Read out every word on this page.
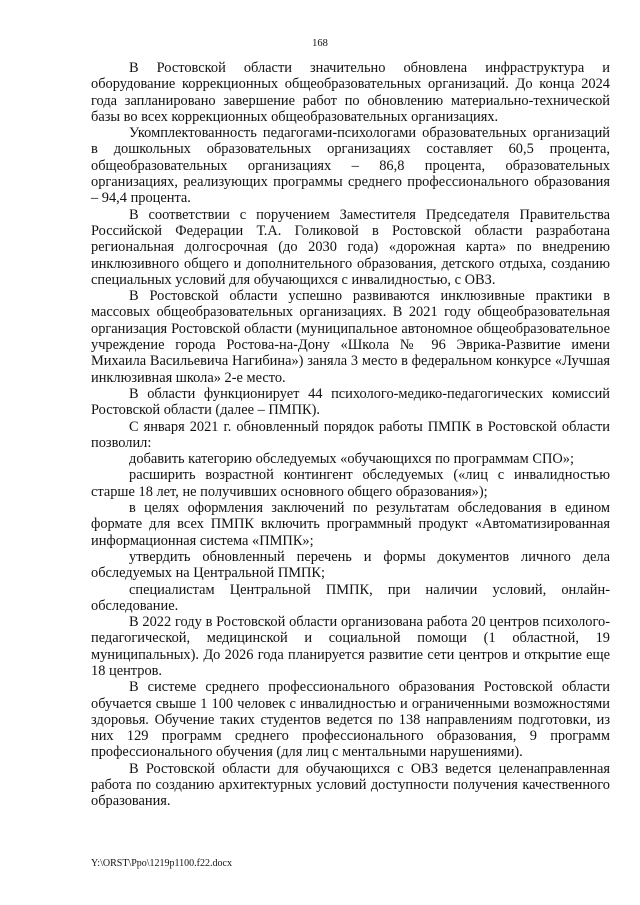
168

В Ростовской области значительно обновлена инфраструктура и оборудование коррекционных общеобразовательных организаций. До конца 2024 года запланировано завершение работ по обновлению материально-технической базы во всех коррекционных общеобразовательных организациях.

Укомплектованность педагогами-психологами образовательных организаций в дошкольных образовательных организациях составляет 60,5 процента, общеобразовательных организациях – 86,8 процента, образовательных организациях, реализующих программы среднего профессионального образования – 94,4 процента.

В соответствии с поручением Заместителя Председателя Правительства Российской Федерации Т.А. Голиковой в Ростовской области разработана региональная долгосрочная (до 2030 года) «дорожная карта» по внедрению инклюзивного общего и дополнительного образования, детского отдыха, созданию специальных условий для обучающихся с инвалидностью, с ОВЗ.

В Ростовской области успешно развиваются инклюзивные практики в массовых общеобразовательных организациях. В 2021 году общеобразовательная организация Ростовской области (муниципальное автономное общеобразовательное учреждение города Ростова-на-Дону «Школа № 96 Эврика-Развитие имени Михаила Васильевича Нагибина») заняла 3 место в федеральном конкурсе «Лучшая инклюзивная школа» 2-е место.

В области функционирует 44 психолого-медико-педагогических комиссий Ростовской области (далее – ПМПК).

С января 2021 г. обновленный порядок работы ПМПК в Ростовской области позволил:

добавить категорию обследуемых «обучающихся по программам СПО»;

расширить возрастной контингент обследуемых («лиц с инвалидностью старше 18 лет, не получивших основного общего образования»);

в целях оформления заключений по результатам обследования в едином формате для всех ПМПК включить программный продукт «Автоматизированная информационная система «ПМПК»;

утвердить обновленный перечень и формы документов личного дела обследуемых на Центральной ПМПК;

специалистам Центральной ПМПК, при наличии условий, онлайн-обследование.

В 2022 году в Ростовской области организована работа 20 центров психолого-педагогической, медицинской и социальной помощи (1 областной, 19 муниципальных). До 2026 года планируется развитие сети центров и открытие еще 18 центров.

В системе среднего профессионального образования Ростовской области обучается свыше 1 100 человек с инвалидностью и ограниченными возможностями здоровья. Обучение таких студентов ведется по 138 направлениям подготовки, из них 129 программ среднего профессионального образования, 9 программ профессионального обучения (для лиц с ментальными нарушениями).

В Ростовской области для обучающихся с ОВЗ ведется целенаправленная работа по созданию архитектурных условий доступности получения качественного образования.

Y:\ORST\Ppo\1219p1100.f22.docx
